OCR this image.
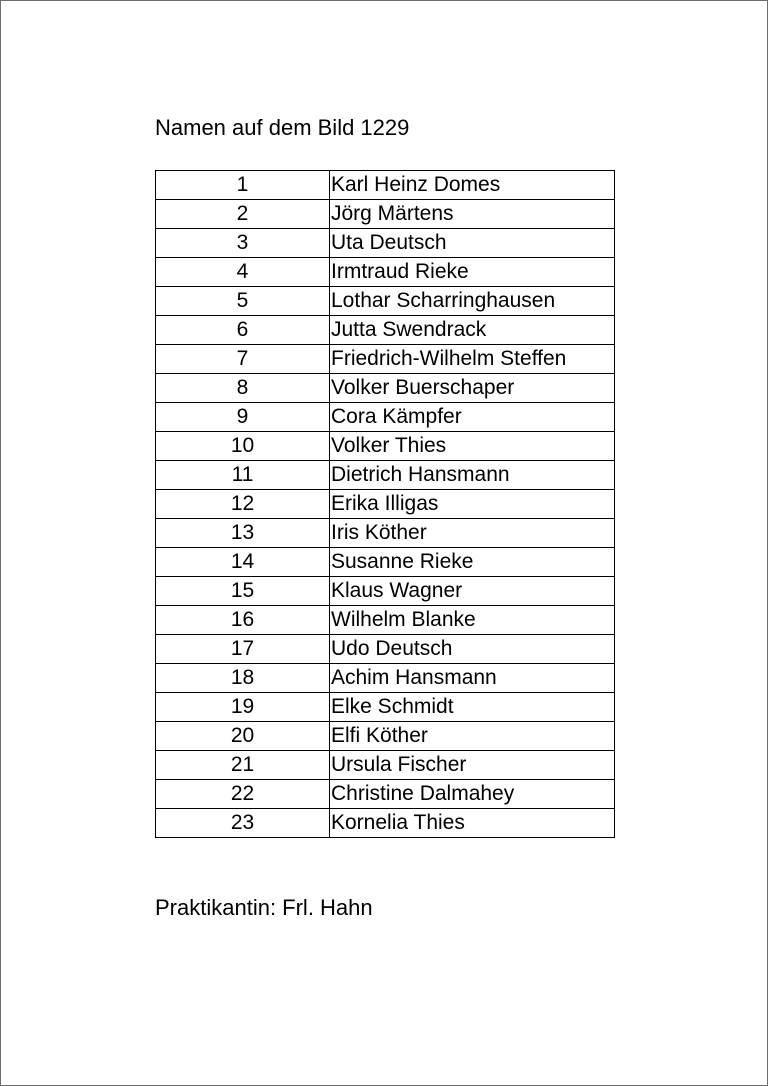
Namen auf dem Bild 1229
1	Karl Heinz Domes
2	Jörg Märtens
3	Uta Deutsch
4	Irmtraud Rieke
5	Lothar Scharringhausen
6	Jutta Swendrack
7	Friedrich-Wilhelm Steffen
8	Volker Buerschaper
9	Cora Kämpfer
10	Volker Thies
11	Dietrich Hansmann
12	Erika Illigas
13	Iris Köther
14	Susanne Rieke
15	Klaus Wagner
16	Wilhelm Blanke
17	Udo Deutsch
18	Achim Hansmann
19	Elke Schmidt
20	Elfi Köther
21	Ursula Fischer
22	Christine Dalmahey
23	Kornelia Thies
Praktikantin: Frl. Hahn
